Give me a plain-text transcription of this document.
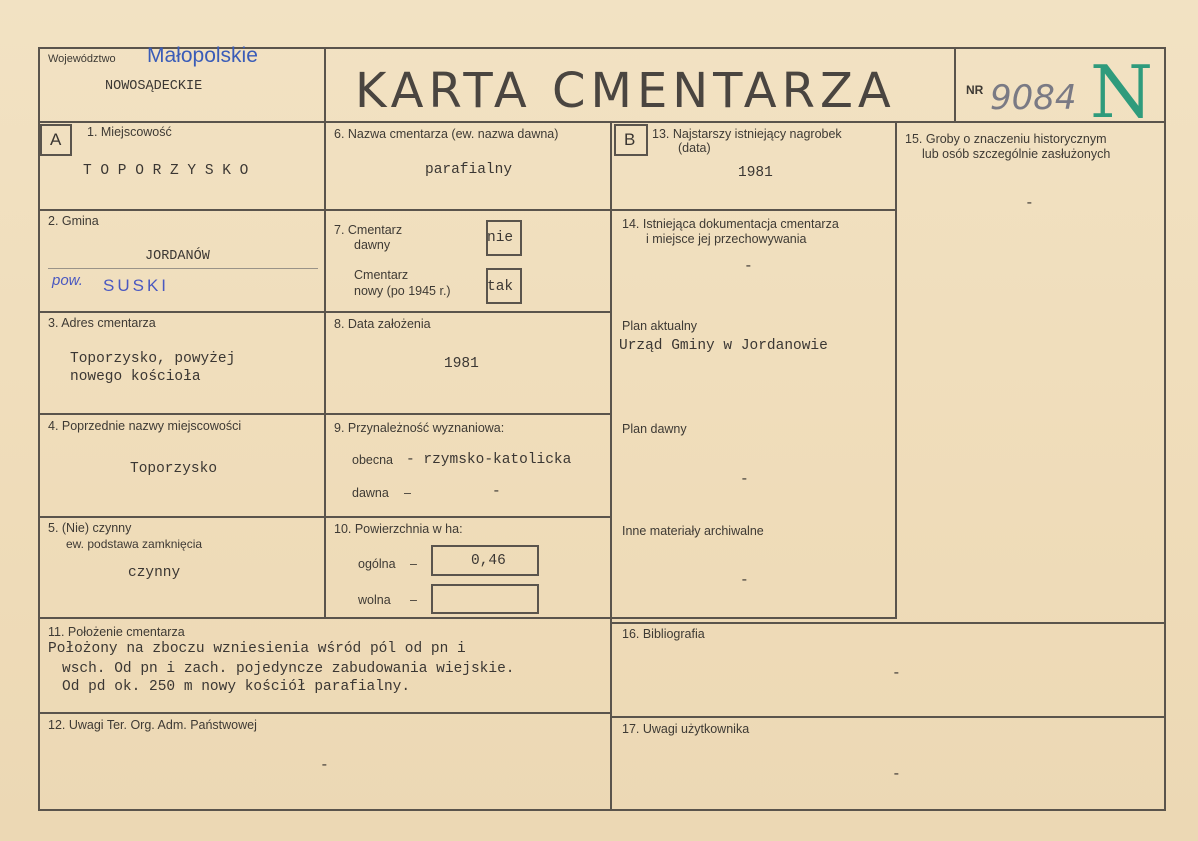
Województwo Małopolskie
NOWOSĄDECKIE	KARTA CMENTARZA	NR 9084 N
A	B
1. Miejscowość
T O P O R Z Y S K O
2. Gmina
JORDANÓW
pow. SUSKI
3. Adres cmentarza
Toporzysko, powyżej
nowego kościoła
4. Poprzednie nazwy miejscowości
Toporzysko
5. (Nie) czynny
ew. podstawa zamknięcia
czynny
6. Nazwa cmentarza (ew. nazwa dawna)
parafialny
7. Cmentarz
dawny	nie
Cmentarz
nowy (po 1945 r.)	tak
8. Data założenia
1981
9. Przynależność wyznaniowa:
obecna - rzymsko-katolicka
dawna –	-
10. Powierzchnia w ha:
ogólna –	0,46
wolna –
11. Położenie cmentarza
Położony na zboczu wzniesienia wśród pól od pn i
wsch. Od pn i zach. pojedyncze zabudowania wiejskie.
Od pd ok. 250 m nowy kościół parafialny.
12. Uwagi Ter. Org. Adm. Państwowej
-
13. Najstarszy istniejący nagrobek
(data)
1981
14. Istniejąca dokumentacja cmentarza
i miejsce jej przechowywania
-
Plan aktualny
Urząd Gminy w Jordanowie
Plan dawny
-
Inne materiały archiwalne
-
15. Groby o znaczeniu historycznym
lub osób szczególnie zasłużonych
-
16. Bibliografia
-
17. Uwagi użytkownika
-
